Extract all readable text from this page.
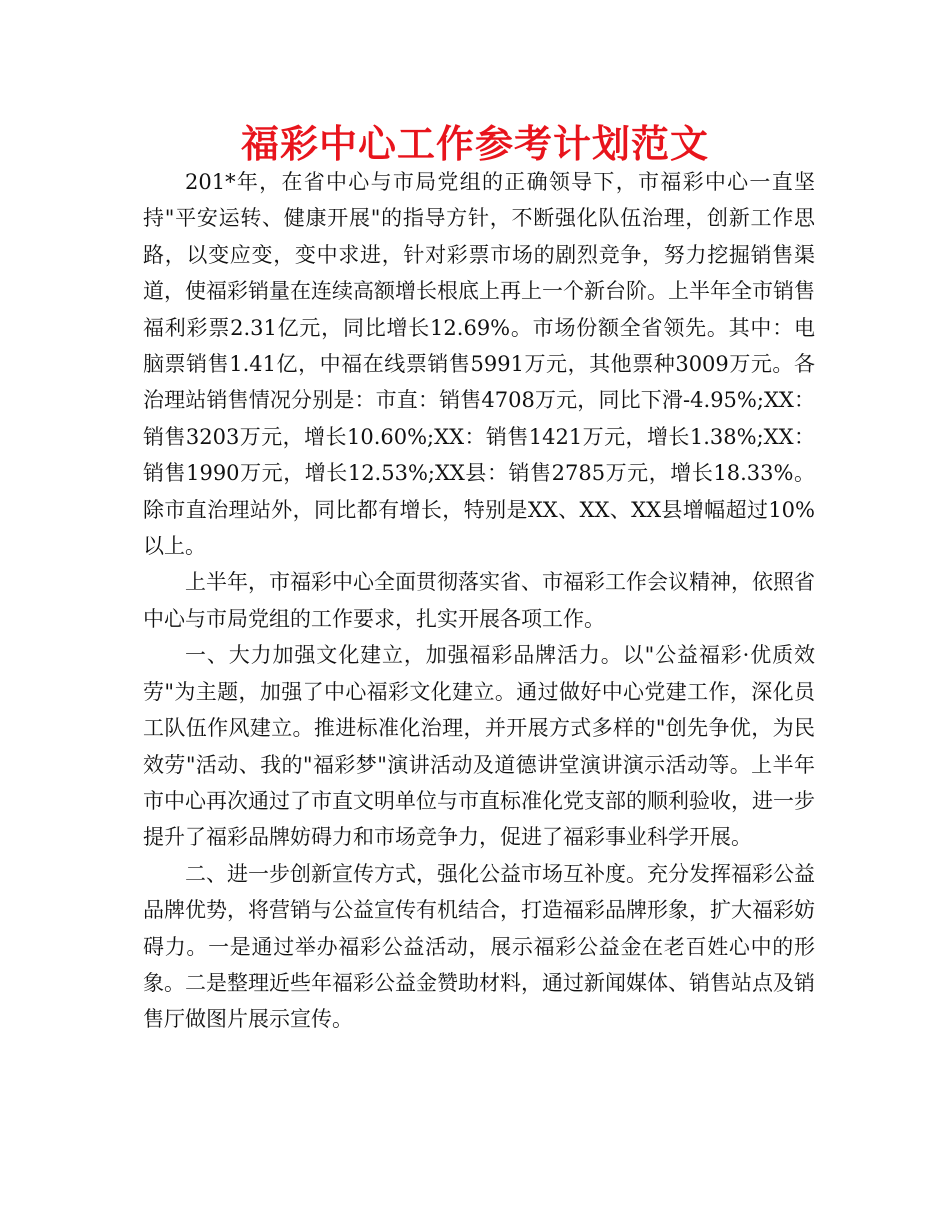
福彩中心工作参考计划范文

201*年，在省中心与市局党组的正确领导下，市福彩中心一直坚持"平安运转、健康开展"的指导方针，不断强化队伍治理，创新工作思路，以变应变，变中求进，针对彩票市场的剧烈竞争，努力挖掘销售渠道，使福彩销量在连续高额增长根底上再上一个新台阶。上半年全市销售福利彩票2.31亿元，同比增长12.69%。市场份额全省领先。其中：电脑票销售1.41亿，中福在线票销售5991万元，其他票种3009万元。各治理站销售情况分别是：市直：销售4708万元，同比下滑-4.95%;XX：销售3203万元，增长10.60%;XX：销售1421万元，增长1.38%;XX：销售1990万元，增长12.53%;XX县：销售2785万元，增长18.33%。除市直治理站外，同比都有增长，特别是XX、XX、XX县增幅超过10%以上。

上半年，市福彩中心全面贯彻落实省、市福彩工作会议精神，依照省中心与市局党组的工作要求，扎实开展各项工作。

一、大力加强文化建立，加强福彩品牌活力。以"公益福彩·优质效劳"为主题，加强了中心福彩文化建立。通过做好中心党建工作，深化员工队伍作风建立。推进标准化治理，并开展方式多样的"创先争优，为民效劳"活动、我的"福彩梦"演讲活动及道德讲堂演讲演示活动等。上半年市中心再次通过了市直文明单位与市直标准化党支部的顺利验收，进一步提升了福彩品牌妨碍力和市场竞争力，促进了福彩事业科学开展。

二、进一步创新宣传方式，强化公益市场互补度。充分发挥福彩公益品牌优势，将营销与公益宣传有机结合，打造福彩品牌形象，扩大福彩妨碍力。一是通过举办福彩公益活动，展示福彩公益金在老百姓心中的形象。二是整理近些年福彩公益金赞助材料，通过新闻媒体、销售站点及销售厅做图片展示宣传。
